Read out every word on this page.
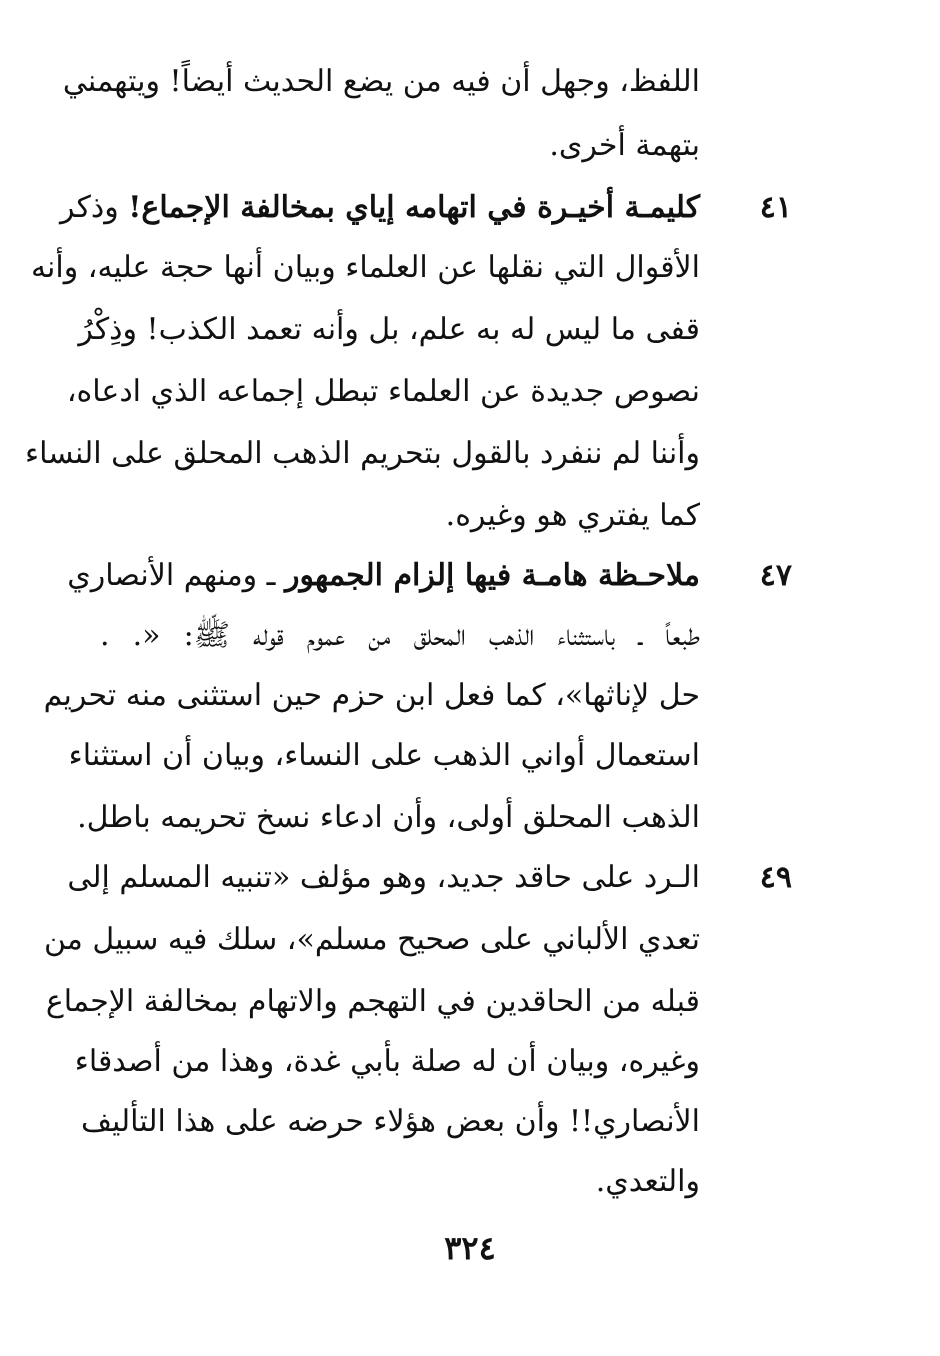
اللفظ، وجهل أن فيه من يضع الحديث أيضاً! ويتهمني
بتهمة أخرى.
٤١
كليمـة أخيـرة في اتهامه إياي بمخالفة الإجماع! وذكر
الأقوال التي نقلها عن العلماء وبيان أنها حجة عليه، وأنه
قفى ما ليس له به علم، بل وأنه تعمد الكذب! وذِكْرُ
نصوص جديدة عن العلماء تبطل إجماعه الذي ادعاه،
وأننا لم ننفرد بالقول بتحريم الذهب المحلق على النساء
كما يفتري هو وغيره.
٤٧
ملاحـظة هامـة فيها إلزام الجمهور ـ ومنهم الأنصاري
طبعاً ـ باستثناء الذهب المحلق من عموم قوله ﷺ: «. .
حل لإناثها»، كما فعل ابن حزم حين استثنى منه تحريم
استعمال أواني الذهب على النساء، وبيان أن استثناء
الذهب المحلق أولى، وأن ادعاء نسخ تحريمه باطل.
٤٩
الـرد على حاقد جديد، وهو مؤلف «تنبيه المسلم إلى
تعدي الألباني على صحيح مسلم»، سلك فيه سبيل من
قبله من الحاقدين في التهجم والاتهام بمخالفة الإجماع
وغيره، وبيان أن له صلة بأبي غدة، وهذا من أصدقاء
الأنصاري!! وأن بعض هؤلاء حرضه على هذا التأليف
والتعدي.
٣٢٤
